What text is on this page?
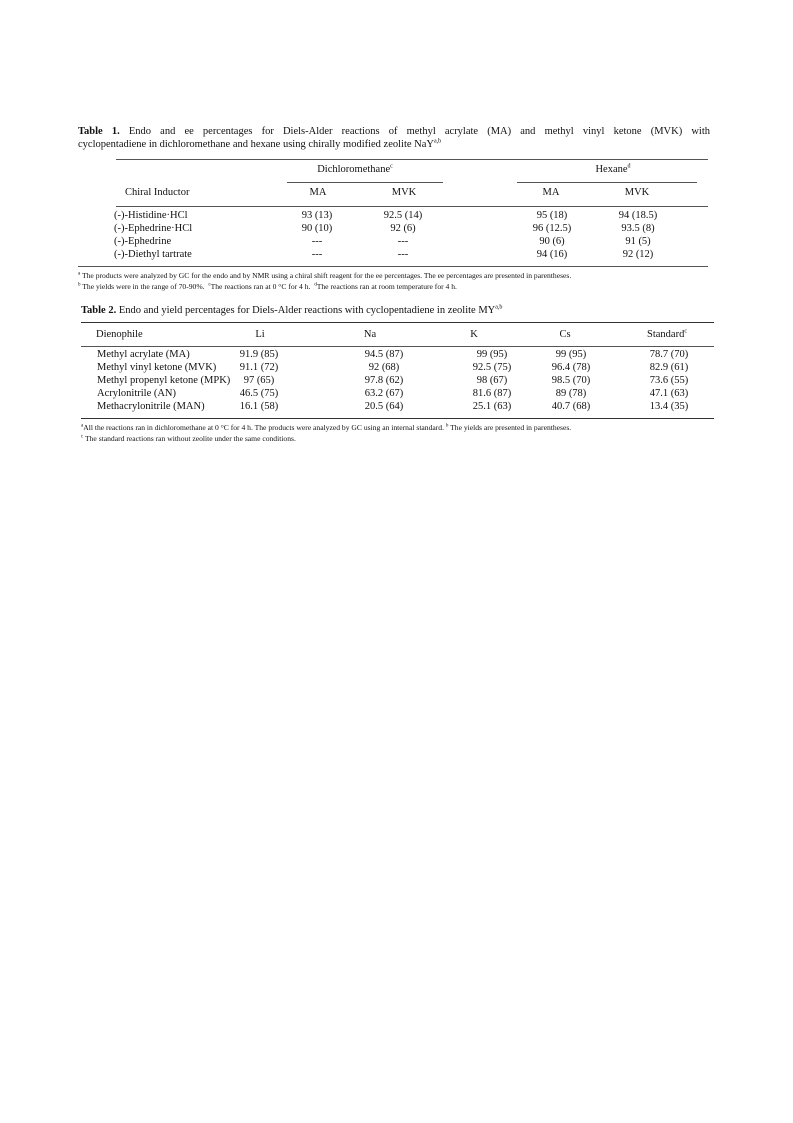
Table 1. Endo and ee percentages for Diels-Alder reactions of methyl acrylate (MA) and methyl vinyl ketone (MVK) with
cyclopentadiene in dichloromethane and hexane using chirally modified zeolite NaY$^{a,b}$
Dichloromethane$^c$	Hexane$^d$
Chiral Inductor	MA	MVK	MA	MVK
(-)-Histidine·HCl	93 (13)	92.5 (14)	95 (18)	94 (18.5)
(-)-Ephedrine·HCl	90 (10)	92 (6)	96 (12.5)	93.5 (8)
(-)-Ephedrine	---	---	90 (6)	91 (5)
(-)-Diethyl tartrate	---	---	94 (16)	92 (12)
$^a$ The products were analyzed by GC for the endo and by NMR using a chiral shift reagent for the ee percentages. The ee percentages are presented in parentheses.
$^b$ The yields were in the range of 70-90%. $^c$The reactions ran at 0 °C for 4 h. $^d$The reactions ran at room temperature for 4 h.
Table 2. Endo and yield percentages for Diels-Alder reactions with cyclopentadiene in zeolite MY$^{a,b}$
Dienophile	Li	Na	K	Cs	Standard$^c$
Methyl acrylate (MA)	91.9 (85)	94.5 (87)	99 (95)	99 (95)	78.7 (70)
Methyl vinyl ketone (MVK) 91.1 (72)	92 (68)	92.5 (75)	96.4 (78)	82.9 (61)
Methyl propenyl ketone (MPK) 97 (65)	97.8 (62)	98 (67)	98.5 (70)	73.6 (55)
Acrylonitrile (AN)	46.5 (75)	63.2 (67)	81.6 (87)	89 (78)	47.1 (63)
Methacrylonitrile (MAN)	16.1 (58)	20.5 (64)	25.1 (63)	40.7 (68)	13.4 (35)
$^a$All the reactions ran in dichloromethane at 0 °C for 4 h. The products were analyzed by GC using an internal standard. $^b$ The yields are presented in parentheses.
$^c$ The standard reactions ran without zeolite under the same conditions.
